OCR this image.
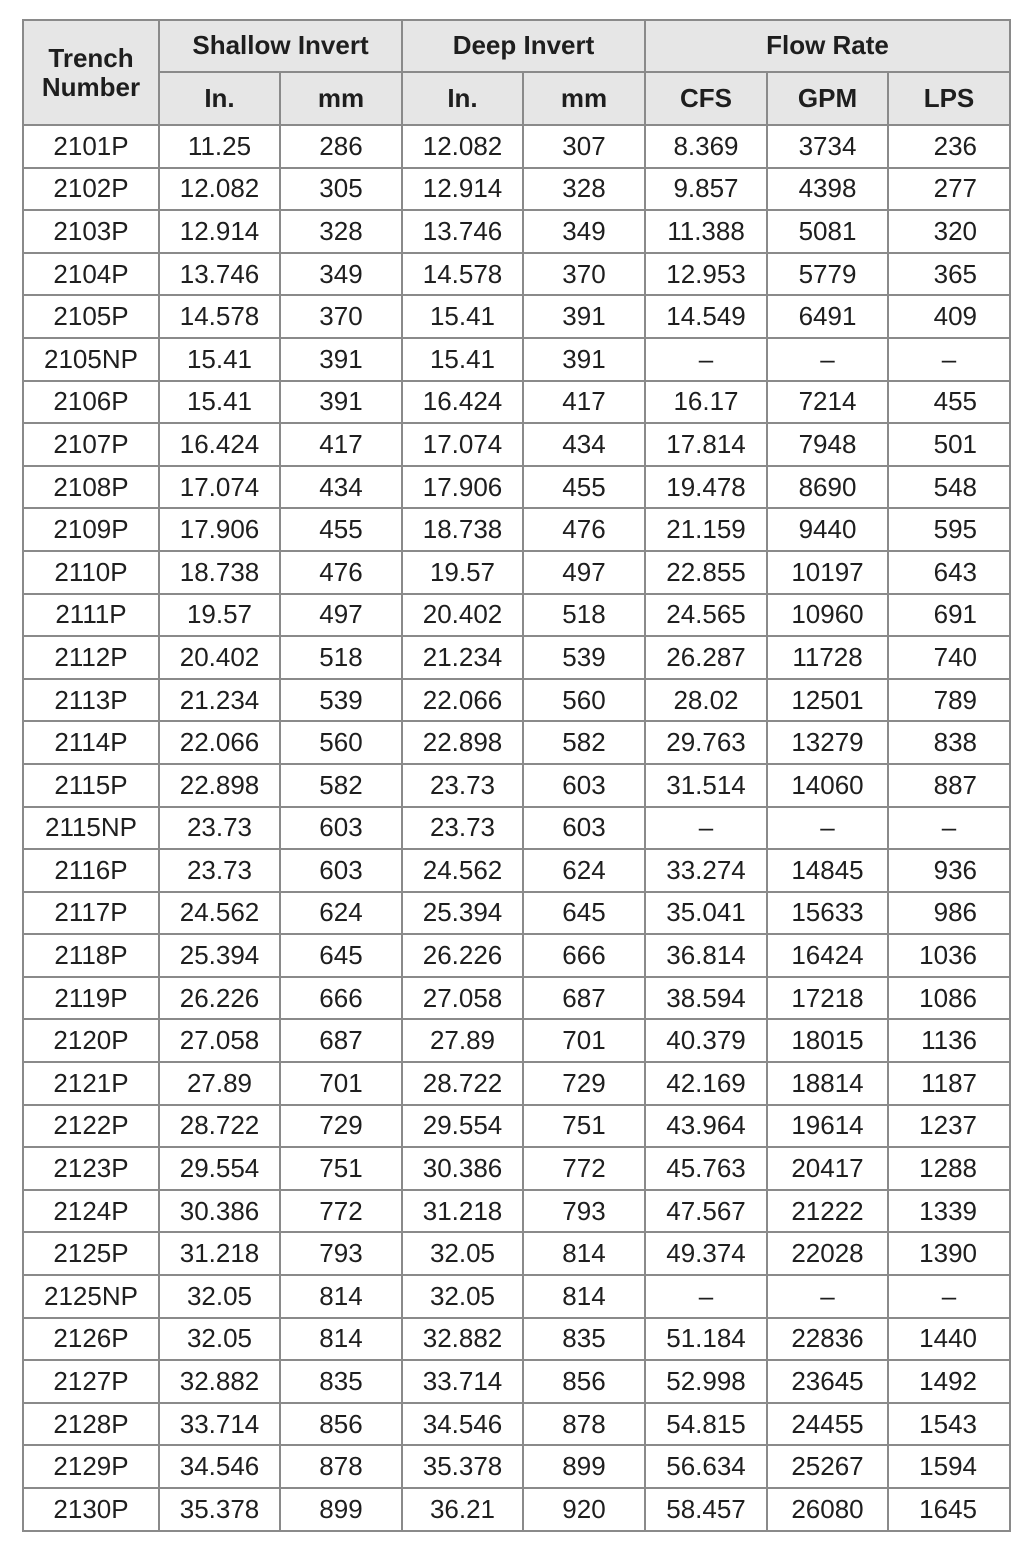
Trench
Number	Shallow Invert		Deep Invert		Flow Rate		
	In.	mm	In.	mm	CFS	GPM	LPS
2101P	11.25	286	12.082	307	8.369	3734	236
2102P	12.082	305	12.914	328	9.857	4398	277
2103P	12.914	328	13.746	349	11.388	5081	320
2104P	13.746	349	14.578	370	12.953	5779	365
2105P	14.578	370	15.41	391	14.549	6491	409
2105NP	15.41	391	15.41	391	–	–	–
2106P	15.41	391	16.424	417	16.17	7214	455
2107P	16.424	417	17.074	434	17.814	7948	501
2108P	17.074	434	17.906	455	19.478	8690	548
2109P	17.906	455	18.738	476	21.159	9440	595
2110P	18.738	476	19.57	497	22.855	10197	643
2111P	19.57	497	20.402	518	24.565	10960	691
2112P	20.402	518	21.234	539	26.287	11728	740
2113P	21.234	539	22.066	560	28.02	12501	789
2114P	22.066	560	22.898	582	29.763	13279	838
2115P	22.898	582	23.73	603	31.514	14060	887
2115NP	23.73	603	23.73	603	–	–	–
2116P	23.73	603	24.562	624	33.274	14845	936
2117P	24.562	624	25.394	645	35.041	15633	986
2118P	25.394	645	26.226	666	36.814	16424	1036
2119P	26.226	666	27.058	687	38.594	17218	1086
2120P	27.058	687	27.89	701	40.379	18015	1136
2121P	27.89	701	28.722	729	42.169	18814	1187
2122P	28.722	729	29.554	751	43.964	19614	1237
2123P	29.554	751	30.386	772	45.763	20417	1288
2124P	30.386	772	31.218	793	47.567	21222	1339
2125P	31.218	793	32.05	814	49.374	22028	1390
2125NP	32.05	814	32.05	814	–	–	–
2126P	32.05	814	32.882	835	51.184	22836	1440
2127P	32.882	835	33.714	856	52.998	23645	1492
2128P	33.714	856	34.546	878	54.815	24455	1543
2129P	34.546	878	35.378	899	56.634	25267	1594
2130P	35.378	899	36.21	920	58.457	26080	1645
